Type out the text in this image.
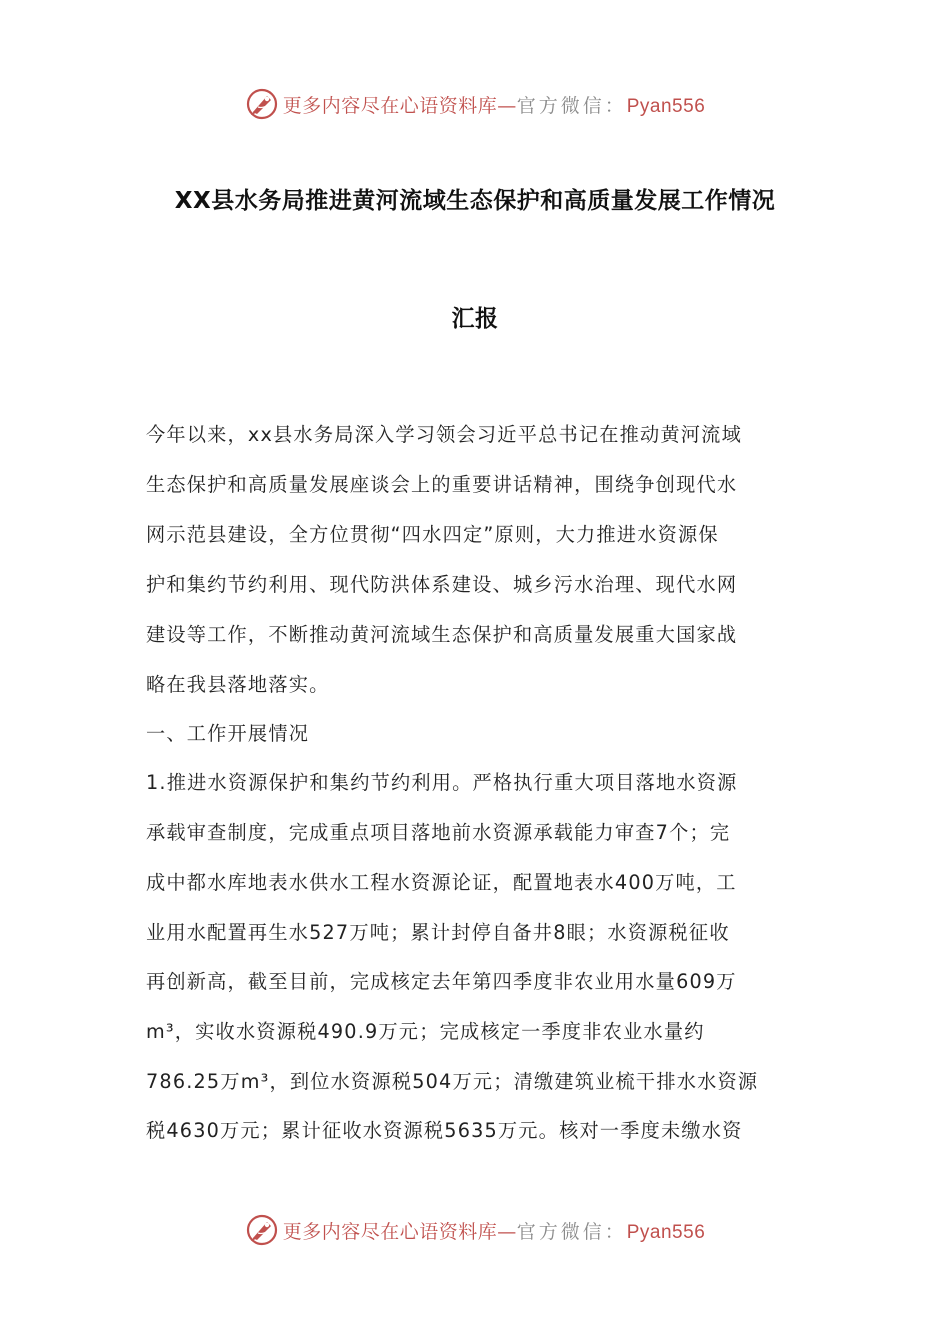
更多内容尽在心语资料库—官方微信：Pyan556
XX县水务局推进黄河流域生态保护和高质量发展工作情况
汇报
今年以来，xx县水务局深入学习领会习近平总书记在推动黄河流域
生态保护和高质量发展座谈会上的重要讲话精神，围绕争创现代水
网示范县建设，全方位贯彻“四水四定”原则，大力推进水资源保
护和集约节约利用、现代防洪体系建设、城乡污水治理、现代水网
建设等工作，不断推动黄河流域生态保护和高质量发展重大国家战
略在我县落地落实。
一、工作开展情况
1.推进水资源保护和集约节约利用。严格执行重大项目落地水资源
承载审查制度，完成重点项目落地前水资源承载能力审查7个；完
成中都水库地表水供水工程水资源论证，配置地表水400万吨，工
业用水配置再生水527万吨；累计封停自备井8眼；水资源税征收
再创新高，截至目前，完成核定去年第四季度非农业用水量609万
m³，实收水资源税490.9万元；完成核定一季度非农业水量约
786.25万m³，到位水资源税504万元；清缴建筑业梳干排水水资源
税4630万元；累计征收水资源税5635万元。核对一季度未缴水资
更多内容尽在心语资料库—官方微信：Pyan556
